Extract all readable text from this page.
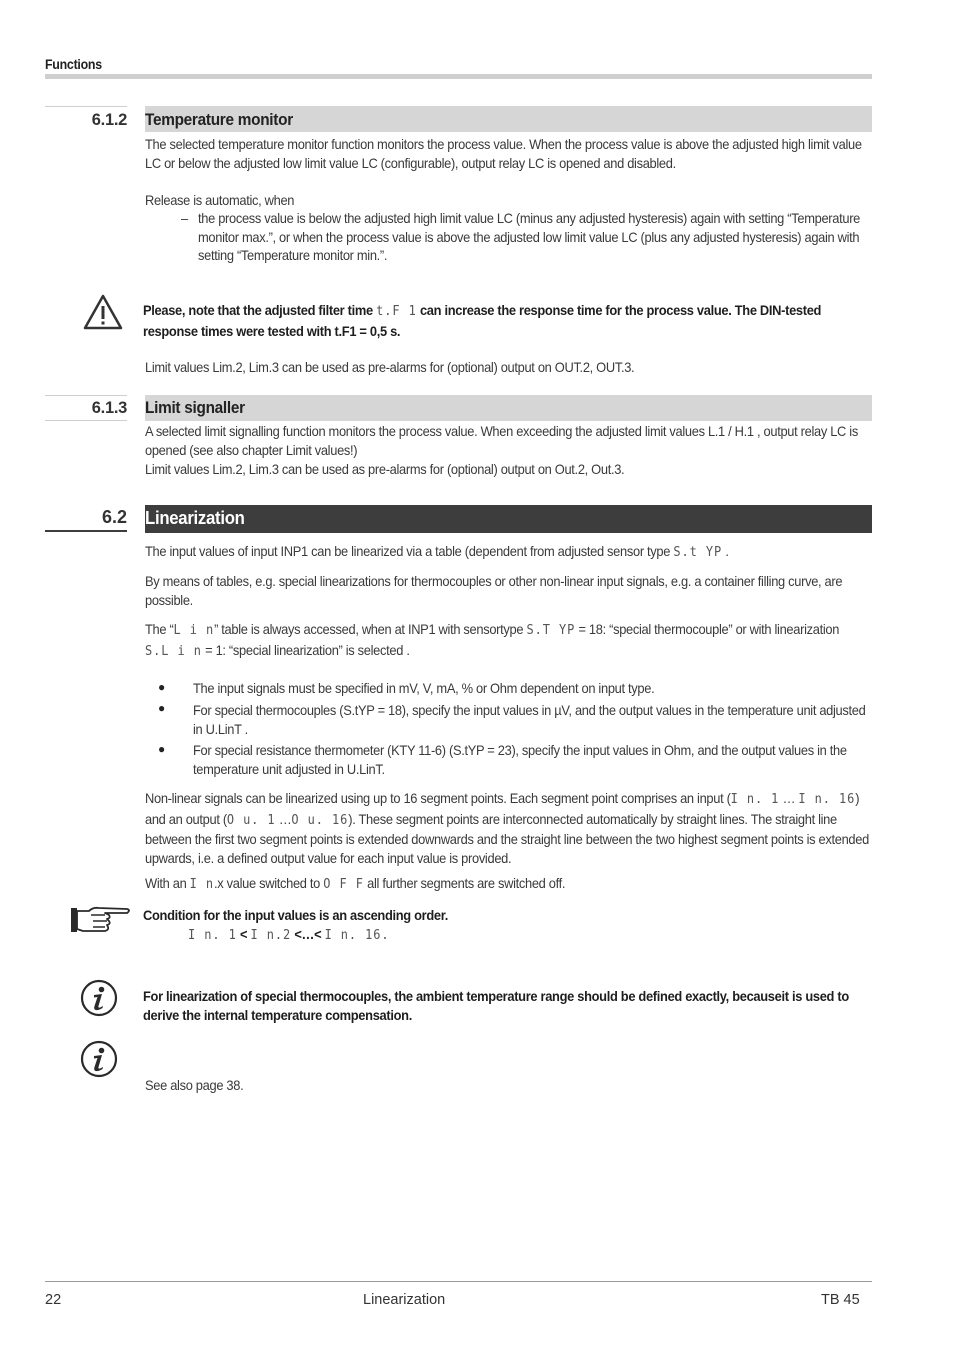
Functions
6.1.2 Temperature monitor
The selected temperature monitor function monitors the process value. When the process value is above the adjusted high limit value LC or below the adjusted low limit value LC (configurable), output relay LC is opened and disabled.
Release is automatic, when
– the process value is below the adjusted high limit value LC (minus any adjusted hysteresis) again with setting “Temperature monitor max.”, or when the process value is above the adjusted low limit value LC (plus any adjusted hysteresis) again with setting “Temperature monitor min.”.
Please, note that the adjusted filter time t.F 1 can increase the response time for the process value. The DIN-tested response times were tested with t.F1 = 0,5 s.
Limit values Lim.2, Lim.3 can be used as pre-alarms for (optional) output on OUT.2, OUT.3.
6.1.3 Limit signaller
A selected limit signalling function monitors the process value. When exceeding the adjusted limit values L.1 / H.1 , output relay LC is opened (see also chapter Limit values!)
Limit values Lim.2, Lim.3 can be used as pre-alarms for (optional) output on Out.2, Out.3.
6.2 Linearization
The input values of input INP1 can be linearized via a table (dependent from adjusted sensor type S.t YP .
By means of tables, e.g. special linearizations for thermocouples or other non-linear input signals, e.g. a container filling curve, are possible.
The “L i n” table is always accessed, when at INP1 with sensortype S.T YP = 18: “special thermocouple” or with linearization S.L i n = 1: “special linearization” is selected .
● The input signals must be specified in mV, V, mA, % or Ohm dependent on input type.
● For special thermocouples (S.tYP = 18), specify the input values in µV, and the output values in the temperature unit adjusted in U.LinT .
● For special resistance thermometer (KTY 11-6) (S.tYP = 23), specify the input values in Ohm, and the output values in the temperature unit adjusted in U.LinT.
Non-linear signals can be linearized using up to 16 segment points. Each segment point comprises an input (I n. 1 … I n. 16) and an output (O u. 1 …O u. 16). These segment points are interconnected automatically by straight lines. The straight line between the first two segment points is extended downwards and the straight line between the two highest segment points is extended upwards, i.e. a defined output value for each input value is provided.
With an I n.x value switched to O F F all further segments are switched off.
Condition for the input values is an ascending order.
I n. 1 < I n.2 <…< I n. 16.
For linearization of special thermocouples, the ambient temperature range should be defined exactly, becauseit is used to derive the internal temperature compensation.
See also page 38.
22	Linearization	TB 45
